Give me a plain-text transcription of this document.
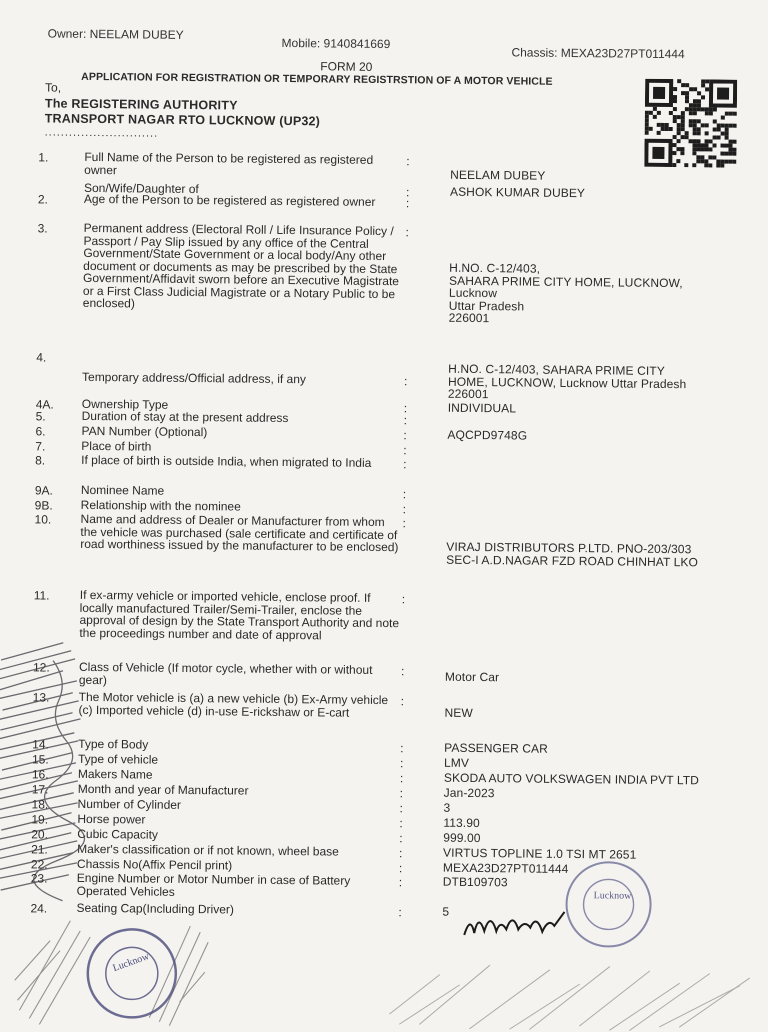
Owner: NEELAM DUBEY
Mobile: 9140841669
Chassis: MEXA23D27PT011444
FORM 20
APPLICATION FOR REGISTRATION OR TEMPORARY REGISTRSTION OF A MOTOR VEHICLE
To,
The REGISTERING AUTHORITY
TRANSPORT NAGAR RTO LUCKNOW (UP32)
............................
1.	Full Name of the Person to be registered as registered owner
:
NEELAM DUBEY
Son/Wife/Daughter of	:	ASHOK KUMAR DUBEY
2.	Age of the Person to be registered as registered owner	:
3.	Permanent address (Electoral Roll / Life Insurance Policy / Passport / Pay Slip issued by any office of the Central Government/State Government or a local body/Any other document or documents as may be prescribed by the State Government/Affidavit sworn before an Executive Magistrate or a First Class Judicial Magistrate or a Notary Public to be enclosed)
:
H.NO. C-12/403,
SAHARA PRIME CITY HOME, LUCKNOW,
Lucknow
Uttar Pradesh
226001
4.
Temporary address/Official address, if any	:
H.NO. C-12/403, SAHARA PRIME CITY
HOME, LUCKNOW, Lucknow Uttar Pradesh
226001
4A. Ownership Type	:	INDIVIDUAL
5.	Duration of stay at the present address	:
6.	PAN Number (Optional)	:	AQCPD9748G
7.	Place of birth	:
8.	If place of birth is outside India, when migrated to India	:
9A. Nominee Name	:
9B. Relationship with the nominee	:
10. Name and address of Dealer or Manufacturer from whom the vehicle was purchased (sale certificate and certificate of road worthiness issued by the manufacturer to be enclosed)
:
VIRAJ DISTRIBUTORS P.LTD. PNO-203/303
SEC-I A.D.NAGAR FZD ROAD CHINHAT LKO
11.	If ex-army vehicle or imported vehicle, enclose proof. If locally manufactured Trailer/Semi-Trailer, enclose the approval of design by the State Transport Authority and note the proceedings number and date of approval
:
12. Class of Vehicle (If motor cycle, whether with or without gear)
:	Motor Car
13. The Motor vehicle is (a) a new vehicle (b) Ex-Army vehicle (c) Imported vehicle (d) in-use E-rickshaw or E-cart
:
NEW
14. Type of Body	:	PASSENGER CAR
15. Type of vehicle	:	LMV
16. Makers Name	:	SKODA AUTO VOLKSWAGEN INDIA PVT LTD
17. Month and year of Manufacturer	:	Jan-2023
18. Number of Cylinder	:	3
19. Horse power	:	113.90
20. Cubic Capacity	:	999.00
21. Maker's classification or if not known, wheel base	:	VIRTUS TOPLINE 1.0 TSI MT 2651
22. Chassis No(Affix Pencil print)	:	MEXA23D27PT011444
23. Engine Number or Motor Number in case of Battery Operated Vehicles
:	DTB109703
24. Seating Cap(Including Driver)	:	5
Lucknow
Lucknow
